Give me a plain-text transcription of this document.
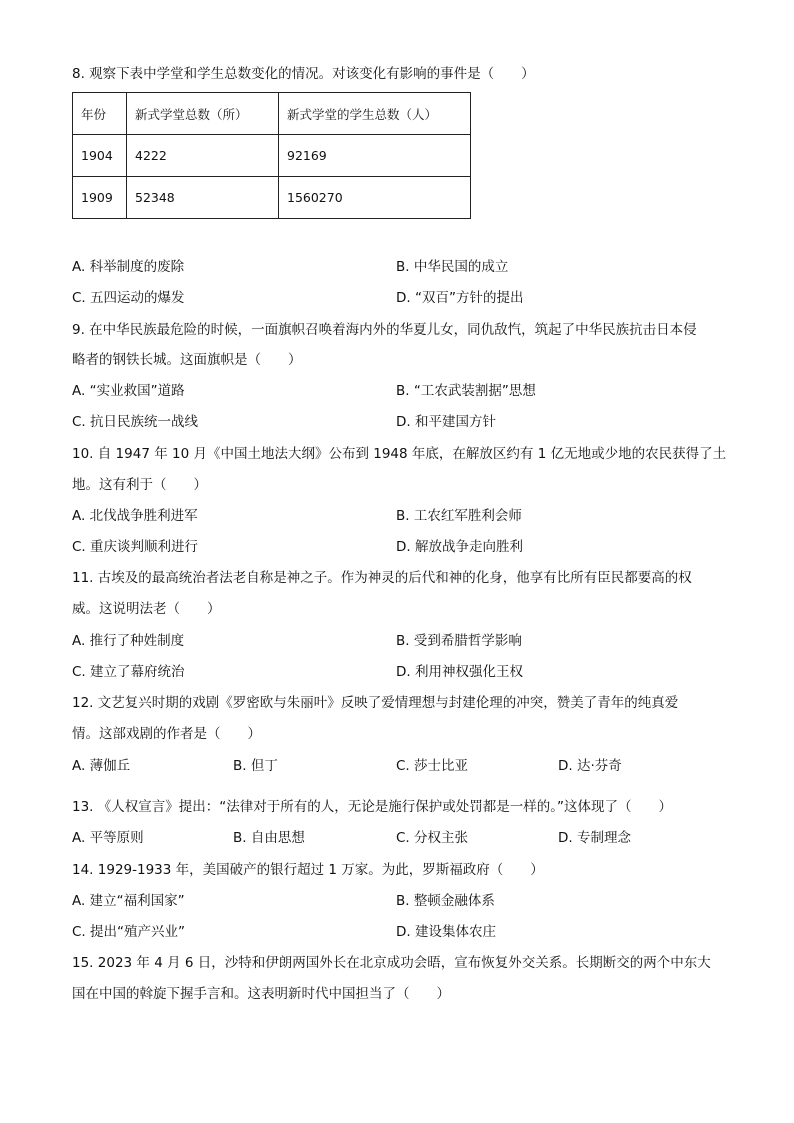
8. 观察下表中学堂和学生总数变化的情况。对该变化有影响的事件是（　　）
年份	新式学堂总数（所）	新式学堂的学生总数（人）
1904	4222	92169
1909	52348	1560270
A. 科举制度的废除	B. 中华民国的成立
C. 五四运动的爆发	D. “双百”方针的提出
9. 在中华民族最危险的时候，一面旗帜召唤着海内外的华夏儿女，同仇敌忾，筑起了中华民族抗击日本侵
略者的钢铁长城。这面旗帜是（　　）
A. “实业救国”道路	B. “工农武装割据”思想
C. 抗日民族统一战线	D. 和平建国方针
10. 自 1947 年 10 月《中国土地法大纲》公布到 1948 年底，在解放区约有 1 亿无地或少地的农民获得了土
地。这有利于（　　）
A. 北伐战争胜利进军	B. 工农红军胜利会师
C. 重庆谈判顺利进行	D. 解放战争走向胜利
11. 古埃及的最高统治者法老自称是神之子。作为神灵的后代和神的化身，他享有比所有臣民都要高的权
威。这说明法老（　　）
A. 推行了种姓制度	B. 受到希腊哲学影响
C. 建立了幕府统治	D. 利用神权强化王权
12. 文艺复兴时期的戏剧《罗密欧与朱丽叶》反映了爱情理想与封建伦理的冲突，赞美了青年的纯真爱
情。这部戏剧的作者是（　　）
A. 薄伽丘	B. 但丁	C. 莎士比亚	D. 达·芬奇
13. 《人权宣言》提出：“法律对于所有的人，无论是施行保护或处罚都是一样的。”这体现了（　　）
A. 平等原则	B. 自由思想	C. 分权主张	D. 专制理念
14. 1929-1933 年，美国破产的银行超过 1 万家。为此，罗斯福政府（　　）
A. 建立“福利国家”	B. 整顿金融体系
C. 提出“殖产兴业”	D. 建设集体农庄
15. 2023 年 4 月 6 日，沙特和伊朗两国外长在北京成功会晤，宣布恢复外交关系。长期断交的两个中东大
国在中国的斡旋下握手言和。这表明新时代中国担当了（　　）
